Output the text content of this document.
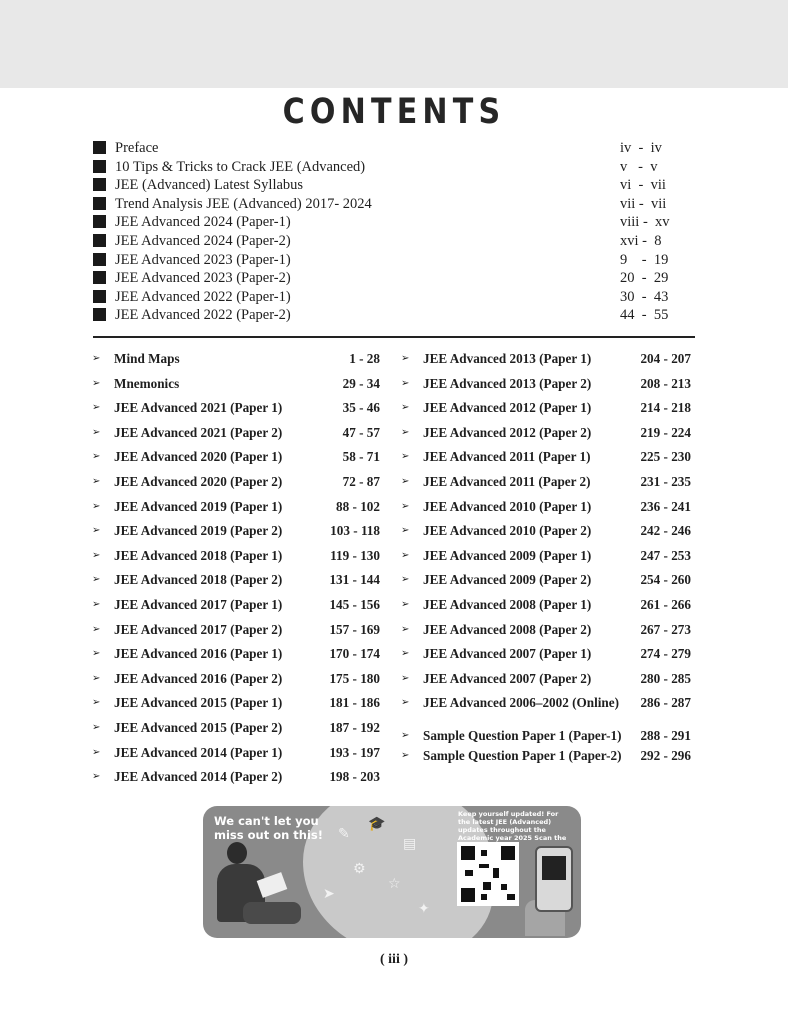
CONTENTS
Preface	iv  -  iv
10 Tips & Tricks to Crack JEE (Advanced)	v   -  v
JEE (Advanced) Latest Syllabus	vi  -  vii
Trend Analysis JEE (Advanced) 2017- 2024	vii -  vii
JEE Advanced 2024 (Paper-1)	viii -  xv
JEE Advanced 2024 (Paper-2)	xvi -  8
JEE Advanced 2023 (Paper-1)	9    -  19
JEE Advanced 2023 (Paper-2)	20  -  29
JEE Advanced 2022 (Paper-1)	30  -  43
JEE Advanced 2022 (Paper-2)	44  -  55
➢ Mind Maps	1 - 28
➢ Mnemonics	29 - 34
➢ JEE Advanced 2021 (Paper 1)	35 - 46
➢ JEE Advanced 2021 (Paper 2)	47 - 57
➢ JEE Advanced 2020 (Paper 1)	58 - 71
➢ JEE Advanced 2020 (Paper 2)	72 - 87
➢ JEE Advanced 2019 (Paper 1)	88 - 102
➢ JEE Advanced 2019 (Paper 2)	103 - 118
➢ JEE Advanced 2018 (Paper 1)	119 - 130
➢ JEE Advanced 2018 (Paper 2)	131 - 144
➢ JEE Advanced 2017 (Paper 1)	145 - 156
➢ JEE Advanced 2017 (Paper 2)	157 - 169
➢ JEE Advanced 2016 (Paper 1)	170 - 174
➢ JEE Advanced 2016 (Paper 2)	175 - 180
➢ JEE Advanced 2015 (Paper 1)	181 - 186
➢ JEE Advanced 2015 (Paper 2)	187 - 192
➢ JEE Advanced 2014 (Paper 1)	193 - 197
➢ JEE Advanced 2014 (Paper 2)	198 - 203
➢ JEE Advanced 2013 (Paper 1)	204 - 207
➢ JEE Advanced 2013 (Paper 2)	208 - 213
➢ JEE Advanced 2012 (Paper 1)	214 - 218
➢ JEE Advanced 2012 (Paper 2)	219 - 224
➢ JEE Advanced 2011 (Paper 1)	225 - 230
➢ JEE Advanced 2011 (Paper 2)	231 - 235
➢ JEE Advanced 2010 (Paper 1)	236 - 241
➢ JEE Advanced 2010 (Paper 2)	242 - 246
➢ JEE Advanced 2009 (Paper 1)	247 - 253
➢ JEE Advanced 2009 (Paper 2)	254 - 260
➢ JEE Advanced 2008 (Paper 1)	261 - 266
➢ JEE Advanced 2008 (Paper 2)	267 - 273
➢ JEE Advanced 2007 (Paper 1)	274 - 279
➢ JEE Advanced 2007 (Paper 2)	280 - 285
➢ JEE Advanced 2006–2002 (Online) 286 - 287
➢ Sample Question Paper 1 (Paper-1) 288 - 291
➢ Sample Question Paper 1 (Paper-2) 292 - 296
✎
🎓
▤
⚙
☆
✦
➤
We can't let you miss out on this!
Keep yourself updated! For the latest JEE (Advanced) updates throughout the Academic year 2025 Scan the
( iii )
